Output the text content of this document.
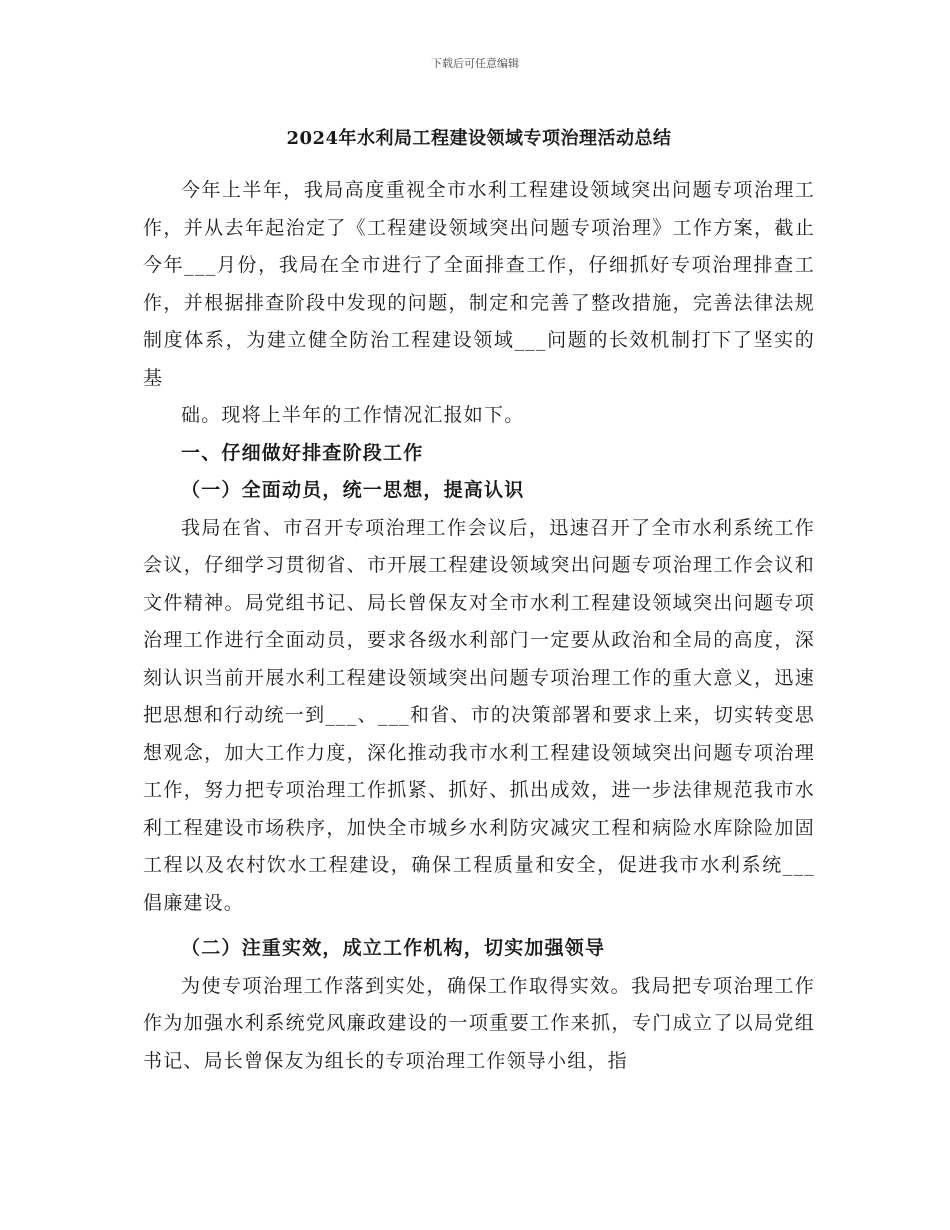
下载后可任意编辑
2024年水利局工程建设领域专项治理活动总结

今年上半年，我局高度重视全市水利工程建设领域突出问题专项治理工作，并从去年起治定了《工程建设领域突出问题专项治理》工作方案，截止今年___月份，我局在全市进行了全面排查工作，仔细抓好专项治理排查工作，并根据排查阶段中发现的问题，制定和完善了整改措施，完善法律法规制度体系，为建立健全防治工程建设领域___问题的长效机制打下了坚实的基

础。现将上半年的工作情况汇报如下。

一、仔细做好排查阶段工作
（一）全面动员，统一思想，提高认识

我局在省、市召开专项治理工作会议后，迅速召开了全市水利系统工作会议，仔细学习贯彻省、市开展工程建设领域突出问题专项治理工作会议和文件精神。局党组书记、局长曾保友对全市水利工程建设领域突出问题专项治理工作进行全面动员，要求各级水利部门一定要从政治和全局的高度，深刻认识当前开展水利工程建设领域突出问题专项治理工作的重大意义，迅速把思想和行动统一到___、___和省、市的决策部署和要求上来，切实转变思想观念，加大工作力度，深化推动我市水利工程建设领域突出问题专项治理工作，努力把专项治理工作抓紧、抓好、抓出成效，进一步法律规范我市水利工程建设市场秩序，加快全市城乡水利防灾减灾工程和病险水库除险加固工程以及农村饮水工程建设，确保工程质量和安全，促进我市水利系统___倡廉建设。

（二）注重实效，成立工作机构，切实加强领导

为使专项治理工作落到实处，确保工作取得实效。我局把专项治理工作作为加强水利系统党风廉政建设的一项重要工作来抓，专门成立了以局党组书记、局长曾保友为组长的专项治理工作领导小组，指
